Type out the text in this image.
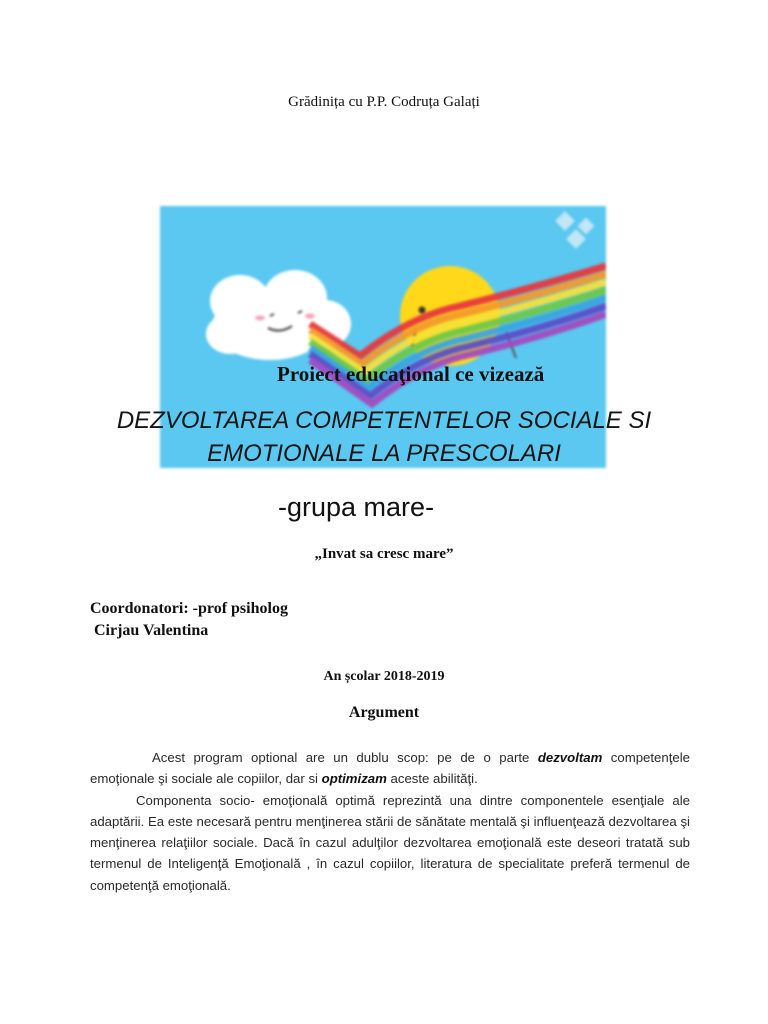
Grădinița cu P.P. Codruța Galați
Proiect educaţional ce vizează
DEZVOLTAREA COMPETENTELOR SOCIALE SI
EMOTIONALE LA PRESCOLARI
-grupa mare-
„Invat sa cresc mare”
Coordonatori: -prof psiholog
Cirjau Valentina
An școlar 2018-2019
Argument

Acest program optional are un dublu scop: pe de o parte dezvoltam competenţele emoţionale şi sociale ale copiilor, dar si optimizam aceste abilităţi.

Componenta socio- emoţională optimă reprezintă una dintre componentele esenţiale ale adaptării. Ea este necesară pentru menţinerea stării de sănătate mentală şi influenţează dezvoltarea şi menţinerea relaţiilor sociale. Dacă în cazul adulţilor dezvoltarea emoţională este deseori tratată sub termenul de Inteligenţă Emoţională , în cazul copiilor, literatura de specialitate preferă termenul de competenţă emoţională.
